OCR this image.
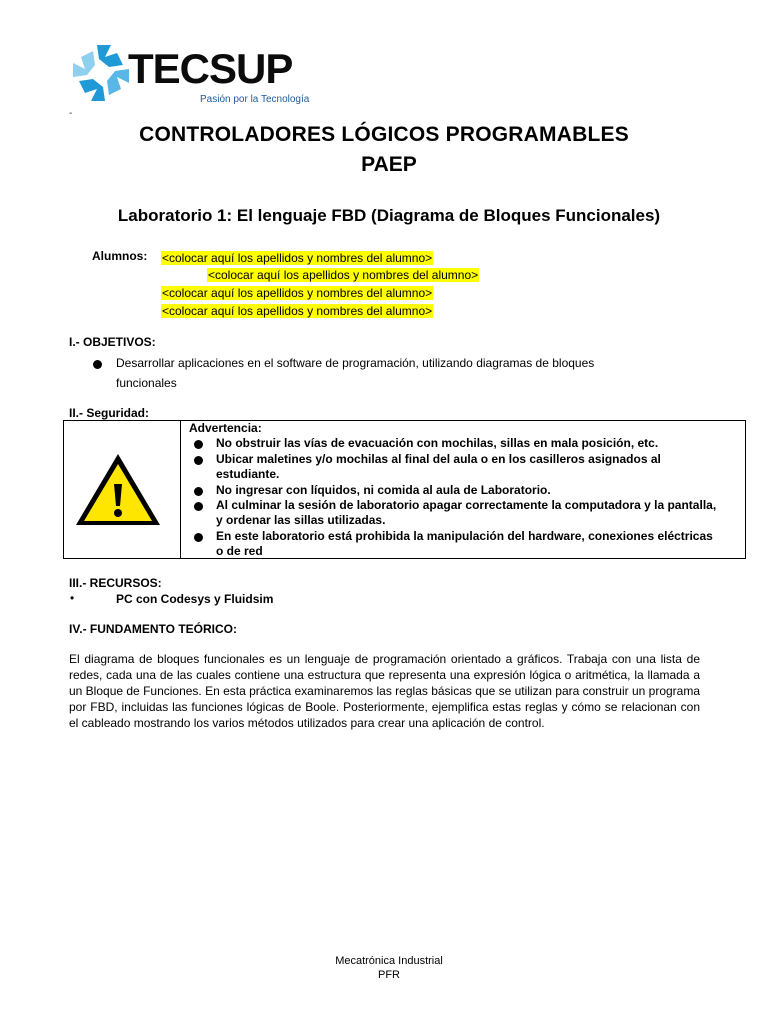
TECSUP
Pasión por la Tecnología
-
CONTROLADORES LÓGICOS PROGRAMABLES
PAEP
Laboratorio 1: El lenguaje FBD (Diagrama de Bloques Funcionales)
Alumnos: <colocar aquí los apellidos y nombres del alumno>
<colocar aquí los apellidos y nombres del alumno>
<colocar aquí los apellidos y nombres del alumno>
<colocar aquí los apellidos y nombres del alumno>
I.- OBJETIVOS:
Desarrollar aplicaciones en el software de programación, utilizando diagramas de bloques
funcionales
II.- Seguridad:
Advertencia:
No obstruir las vías de evacuación con mochilas, sillas en mala posición, etc.
Ubicar maletines y/o mochilas al final del aula o en los casilleros asignados al estudiante.
No ingresar con líquidos, ni comida al aula de Laboratorio.
Al culminar la sesión de laboratorio apagar correctamente la computadora y la pantalla, y ordenar las sillas utilizadas.
En este laboratorio está prohibida la manipulación del hardware, conexiones eléctricas o de red
III.- RECURSOS:
•	PC con Codesys y Fluidsim
IV.- FUNDAMENTO TEÓRICO:
El diagrama de bloques funcionales es un lenguaje de programación orientado a gráficos. Trabaja con una lista de redes, cada una de las cuales contiene una estructura que representa una expresión lógica o aritmética, la llamada a un Bloque de Funciones. En esta práctica examinaremos las reglas básicas que se utilizan para construir un programa por FBD, incluidas las funciones lógicas de Boole. Posteriormente, ejemplifica estas reglas y cómo se relacionan con el cableado mostrando los varios métodos utilizados para crear una aplicación de control.
Mecatrónica Industrial
PFR
